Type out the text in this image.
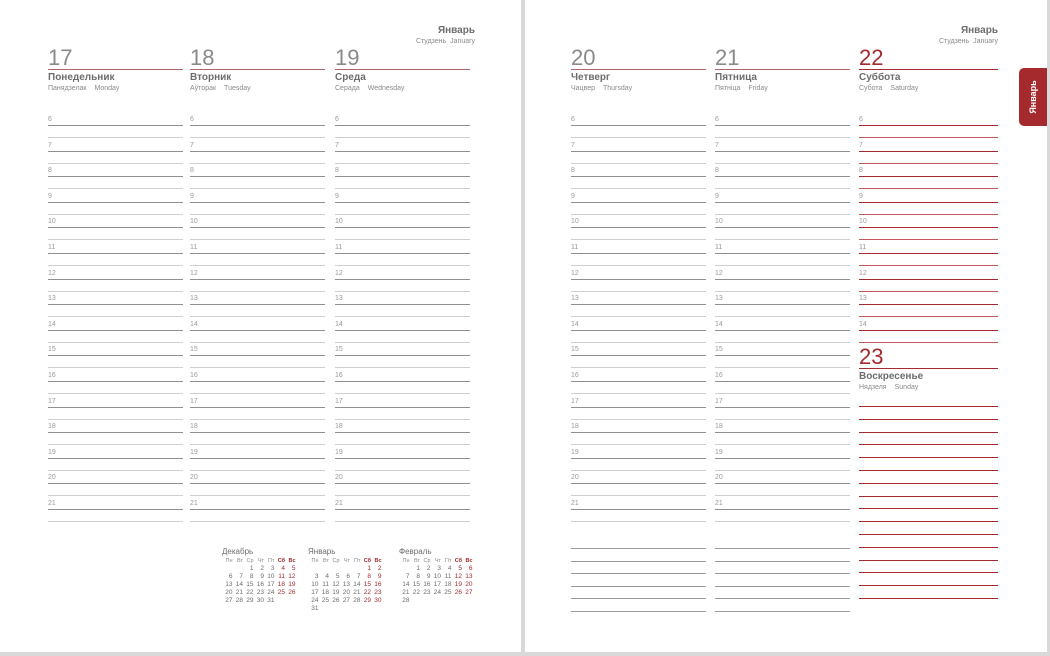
Январь
Студзень January
Январь
Студзень January
Январь
17
Понедельник
Панядзелак Monday
6
7
8
9
10
11
12
13
14
15
16
17
18
19
20
21
18
Вторник
Аўторак Tuesday
6
7
8
9
10
11
12
13
14
15
16
17
18
19
20
21
19
Среда
Серада Wednesday
6
7
8
9
10
11
12
13
14
15
16
17
18
19
20
21
20
Четверг
Чацвер Thursday
6
7
8
9
10
11
12
13
14
15
16
17
18
19
20
21
21
Пятница
Пятніца Friday
6
7
8
9
10
11
12
13
14
15
16
17
18
19
20
21
22
Суббота
Субота Saturday
6
7
8
9
10
11
12
13
14
23
Воскресенье
Нядзеля Sunday
Декабрь
Пн	Вт	Ср	Чт	Пт	Сб	Вс
		1	2	3	4	5
6	7	8	9	10	11	12
13	14	15	16	17	18	19
20	21	22	23	24	25	26
27	28	29	30	31		
Январь
Пн	Вт	Ср	Чт	Пт	Сб	Вс
					1	2
3	4	5	6	7	8	9
10	11	12	13	14	15	16
17	18	19	20	21	22	23
24	25	26	27	28	29	30
31						
Февраль
Пн	Вт	Ср	Чт	Пт	Сб	Вс
	1	2	3	4	5	6
7	8	9	10	11	12	13
14	15	16	17	18	19	20
21	22	23	24	25	26	27
28						
